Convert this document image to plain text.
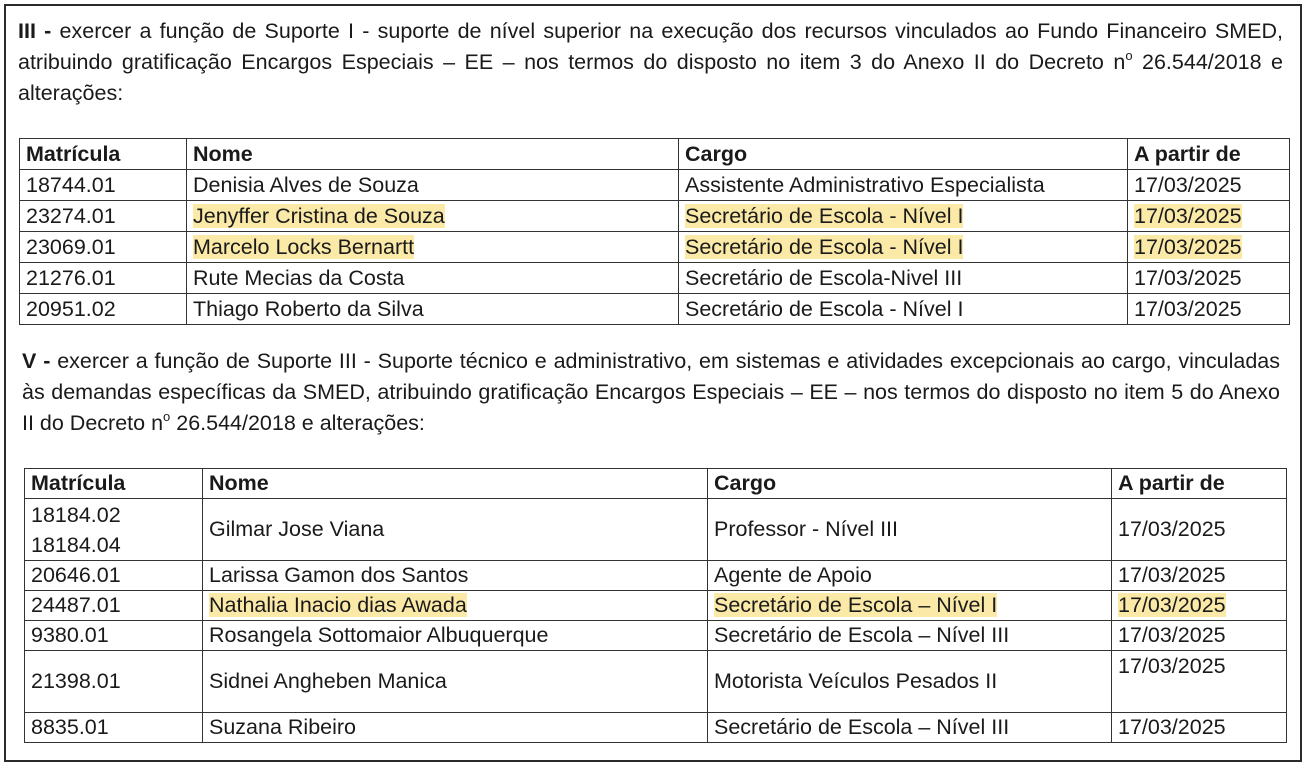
III - exercer a função de Suporte I - suporte de nível superior na execução dos recursos vinculados ao Fundo Financeiro SMED, atribuindo gratificação Encargos Especiais – EE – nos termos do disposto no item 3 do Anexo II do Decreto $n^o$ 26.544/2018 e alterações:
Matrícula	Nome	Cargo	A partir de
18744.01	Denisia Alves de Souza	Assistente Administrativo Especialista	17/03/2025
23274.01	Jenyffer Cristina de Souza	Secretário de Escola - Nível I	17/03/2025
23069.01	Marcelo Locks Bernartt	Secretário de Escola - Nível I	17/03/2025
21276.01	Rute Mecias da Costa	Secretário de Escola-Nivel III	17/03/2025
20951.02	Thiago Roberto da Silva	Secretário de Escola - Nível I	17/03/2025
V - exercer a função de Suporte III - Suporte técnico e administrativo, em sistemas e atividades excepcionais ao cargo, vinculadas às demandas específicas da SMED, atribuindo gratificação Encargos Especiais – EE – nos termos do disposto no item 5 do Anexo II do Decreto $n^o$ 26.544/2018 e alterações:
Matrícula	Nome	Cargo	A partir de

18184.02
18184.04	Gilmar Jose Viana	Professor - Nível III	17/03/2025
20646.01	Larissa Gamon dos Santos	Agente de Apoio	17/03/2025
24487.01	Nathalia Inacio dias Awada	Secretário de Escola – Nível I	17/03/2025
9380.01	Rosangela Sottomaior Albuquerque	Secretário de Escola – Nível III	17/03/2025
21398.01	Sidnei Angheben Manica	Motorista Veículos Pesados II	17/03/2025
8835.01	Suzana Ribeiro	Secretário de Escola – Nível III	17/03/2025
